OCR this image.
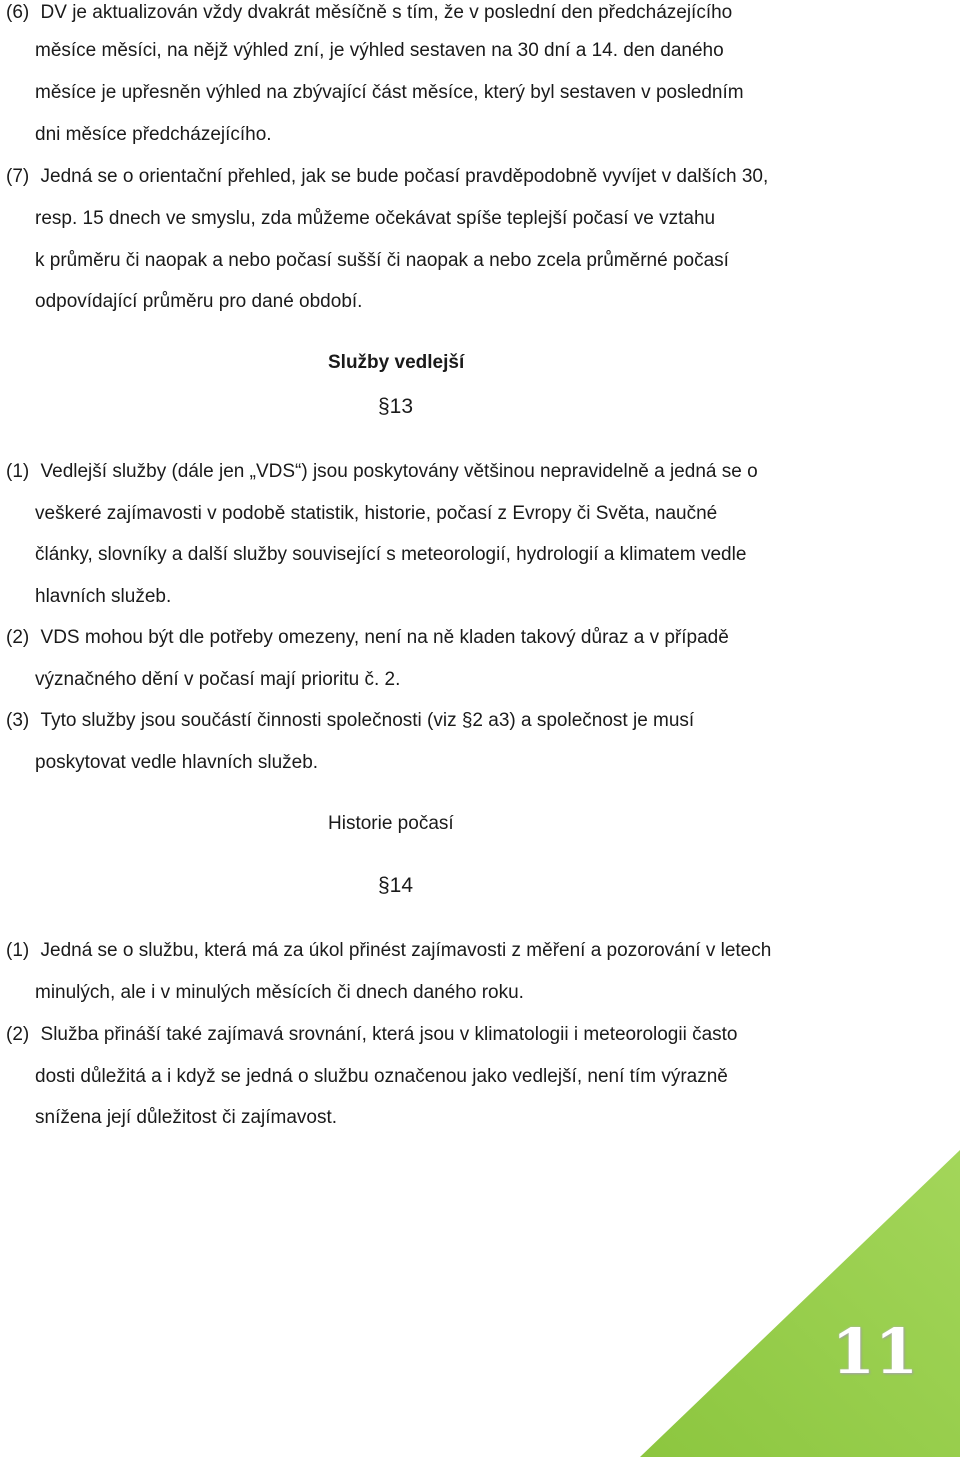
(6) DV je aktualizován vždy dvakrát měsíčně s tím, že v poslední den předcházejícího
měsíce měsíci, na nějž výhled zní, je výhled sestaven na 30 dní a 14. den daného
měsíce je upřesněn výhled na zbývající část měsíce, který byl sestaven v posledním
dni měsíce předcházejícího.
(7) Jedná se o orientační přehled, jak se bude počasí pravděpodobně vyvíjet v dalších 30,
resp. 15 dnech ve smyslu, zda můžeme očekávat spíše teplejší počasí ve vztahu
k průměru či naopak a nebo počasí sušší či naopak a nebo zcela průměrné počasí
odpovídající průměru pro dané období.
Služby vedlejší
§13
(1) Vedlejší služby (dále jen „VDS“) jsou poskytovány většinou nepravidelně a jedná se o
veškeré zajímavosti v podobě statistik, historie, počasí z Evropy či Světa, naučné
články, slovníky a další služby související s meteorologií, hydrologií a klimatem vedle
hlavních služeb.
(2) VDS mohou být dle potřeby omezeny, není na ně kladen takový důraz a v případě
význačného dění v počasí mají prioritu č. 2.
(3) Tyto služby jsou součástí činnosti společnosti (viz §2 a3) a společnost je musí
poskytovat vedle hlavních služeb.
Historie počasí
§14
(1) Jedná se o službu, která má za úkol přinést zajímavosti z měření a pozorování v letech
minulých, ale i v minulých měsících či dnech daného roku.
(2) Služba přináší také zajímavá srovnání, která jsou v klimatologii i meteorologii často
dosti důležitá a i když se jedná o službu označenou jako vedlejší, není tím výrazně
snížena její důležitost či zajímavost.
11
